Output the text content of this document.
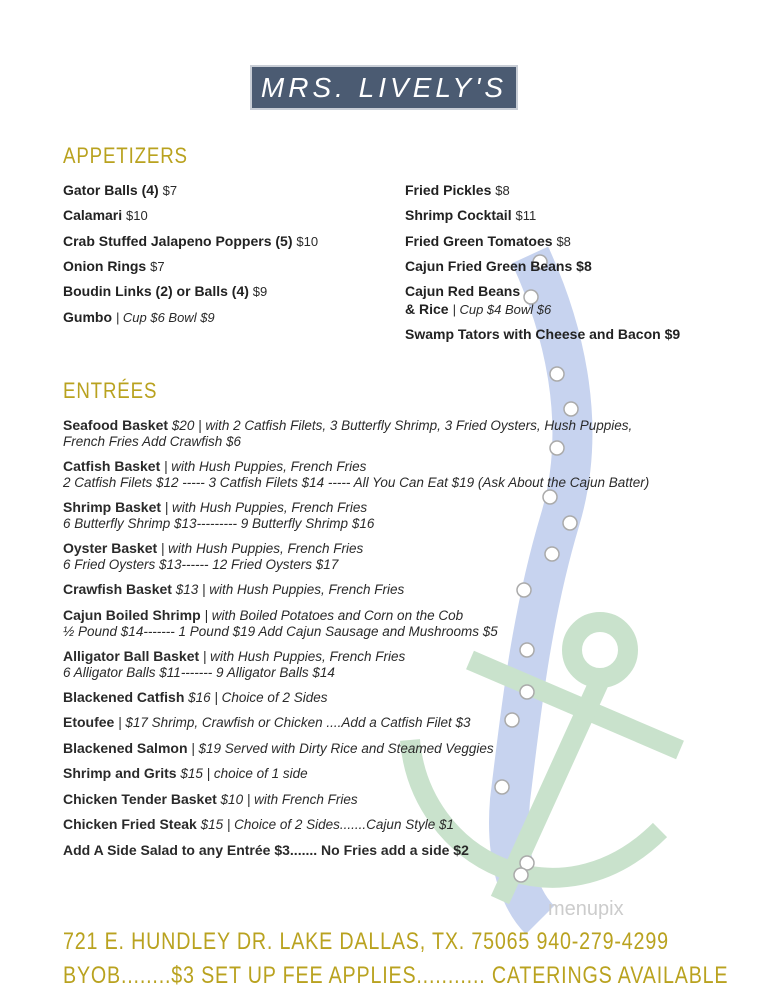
MRS. LIVELY'S
APPETIZERS
Gator Balls (4) $7
Calamari $10
Crab Stuffed Jalapeno Poppers (5) $10
Onion Rings $7
Boudin Links (2) or Balls (4) $9
Gumbo | Cup $6 Bowl $9
Fried Pickles $8
Shrimp Cocktail $11
Fried Green Tomatoes $8
Cajun Fried Green Beans $8
Cajun Red Beans
& Rice | Cup $4 Bowl $6
Swamp Tators with Cheese and Bacon $9
ENTRÉES
Seafood Basket $20 | with 2 Catfish Filets, 3 Butterfly Shrimp, 3 Fried Oysters, Hush Puppies,
French Fries Add Crawfish $6
Catfish Basket | with Hush Puppies, French Fries
2 Catfish Filets $12 ----- 3 Catfish Filets $14 ----- All You Can Eat $19 (Ask About the Cajun Batter)
Shrimp Basket | with Hush Puppies, French Fries
6 Butterfly Shrimp $13--------- 9 Butterfly Shrimp $16
Oyster Basket | with Hush Puppies, French Fries
6 Fried Oysters $13------ 12 Fried Oysters $17
Crawfish Basket $13 | with Hush Puppies, French Fries
Cajun Boiled Shrimp | with Boiled Potatoes and Corn on the Cob
½ Pound $14------- 1 Pound $19 Add Cajun Sausage and Mushrooms $5
Alligator Ball Basket | with Hush Puppies, French Fries
6 Alligator Balls $11------- 9 Alligator Balls $14
Blackened Catfish $16 | Choice of 2 Sides
Etoufee | $17 Shrimp, Crawfish or Chicken ....Add a Catfish Filet $3
Blackened Salmon | $19 Served with Dirty Rice and Steamed Veggies
Shrimp and Grits $15 | choice of 1 side
Chicken Tender Basket $10 | with French Fries
Chicken Fried Steak $15 | Choice of 2 Sides.......Cajun Style $1
Add A Side Salad to any Entrée $3....... No Fries add a side $2
721 E. HUNDLEY DR. LAKE DALLAS, TX. 75065 940-279-4299
BYOB........$3 SET UP FEE APPLIES........... CATERINGS AVAILABLE
menupix
